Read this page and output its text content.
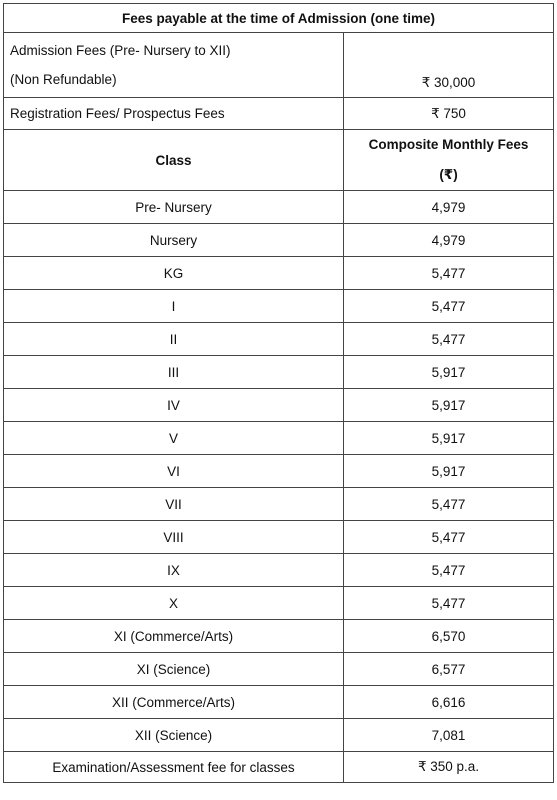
Fees payable at the time of Admission (one time)	

Admission Fees (Pre- Nursery to XII)
(Non Refundable)	₹ 30,000
Registration Fees/ Prospectus Fees	₹ 750
Class	Composite Monthly Fees
(₹)

Pre- Nursery	4,979
Nursery	4,979
KG	5,477
I	5,477
II	5,477
III	5,917
IV	5,917
V	5,917
VI	5,917
VII	5,477
VIII	5,477
IX	5,477
X	5,477
XI (Commerce/Arts)	6,570
XI (Science)	6,577
XII (Commerce/Arts)	6,616
XII (Science)	7,081
Examination/Assessment fee for classes	₹ 350 p.a.
